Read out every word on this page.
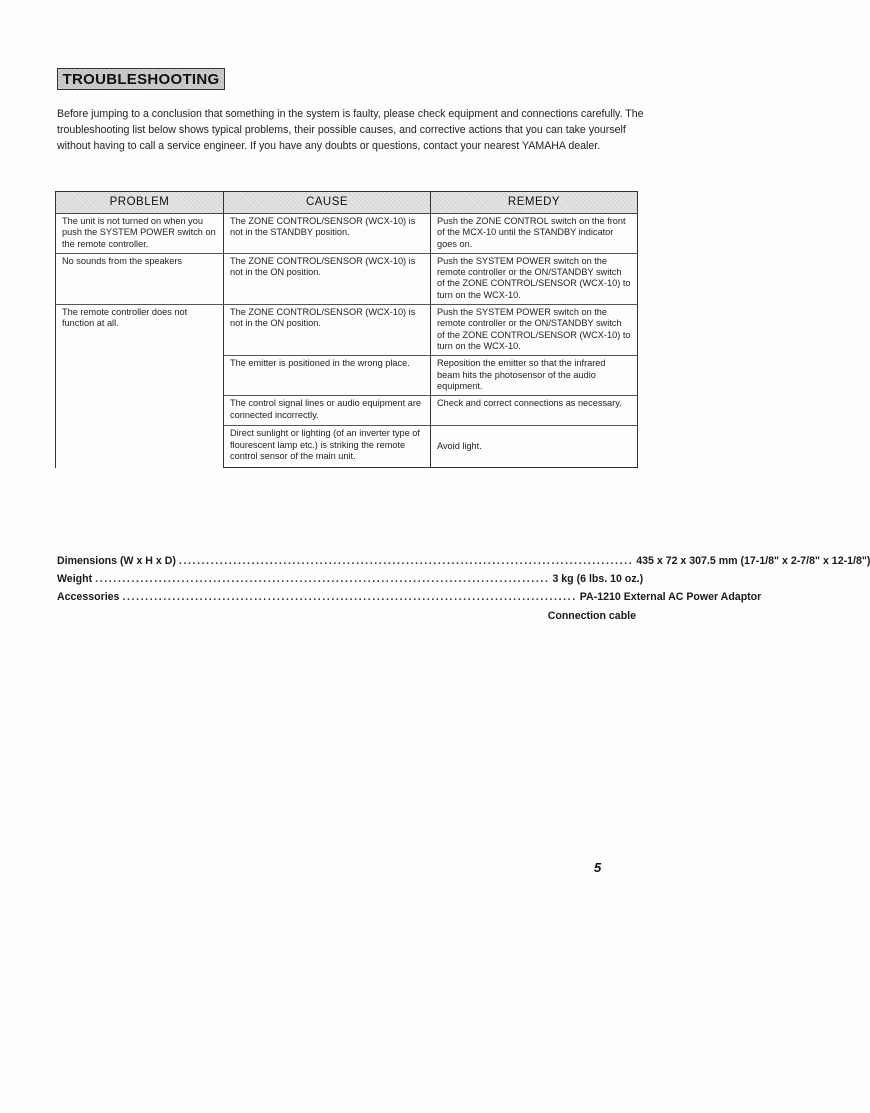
TROUBLESHOOTING

Before jumping to a conclusion that something in the system is faulty, please check equipment and connections carefully. The troubleshooting list below shows typical problems, their possible causes, and corrective actions that you can take yourself without having to call a service engineer. If you have any doubts or questions, contact your nearest YAMAHA dealer.

PROBLEM	CAUSE	REMEDY
The unit is not turned on when you push the SYSTEM POWER switch on the remote controller.	The ZONE CONTROL/SENSOR (WCX-10) is not in the STANDBY position.	Push the ZONE CONTROL switch on the front of the MCX-10 until the STANDBY indicator goes on.
No sounds from the speakers	The ZONE CONTROL/SENSOR (WCX-10) is not in the ON position.	Push the SYSTEM POWER switch on the remote controller or the ON/STANDBY switch of the ZONE CONTROL/SENSOR (WCX-10) to turn on the WCX-10.
The remote controller does not function at all.	The ZONE CONTROL/SENSOR (WCX-10) is not in the ON position.	Push the SYSTEM POWER switch on the remote controller or the ON/STANDBY switch of the ZONE CONTROL/SENSOR (WCX-10) to turn on the WCX-10.
	The emitter is positioned in the wrong place.	Reposition the emitter so that the infrared beam hits the photosensor of the audio equipment.
	The control signal lines or audio equipment are connected incorrectly.	Check and correct connections as necessary.
	Direct sunlight or lighting (of an inverter type of flourescent lamp etc.) is striking the remote control sensor of the main unit.	Avoid light.
Dimensions (W x H x D) .................................................................................................... 435 x 72 x 307.5 mm (17-1/8" x 2-7/8" x 12-1/8")
Weight .................................................................................................... 3 kg (6 lbs. 10 oz.)
Accessories .................................................................................................... PA-1210 External AC Power Adaptor
Connection cable
5
